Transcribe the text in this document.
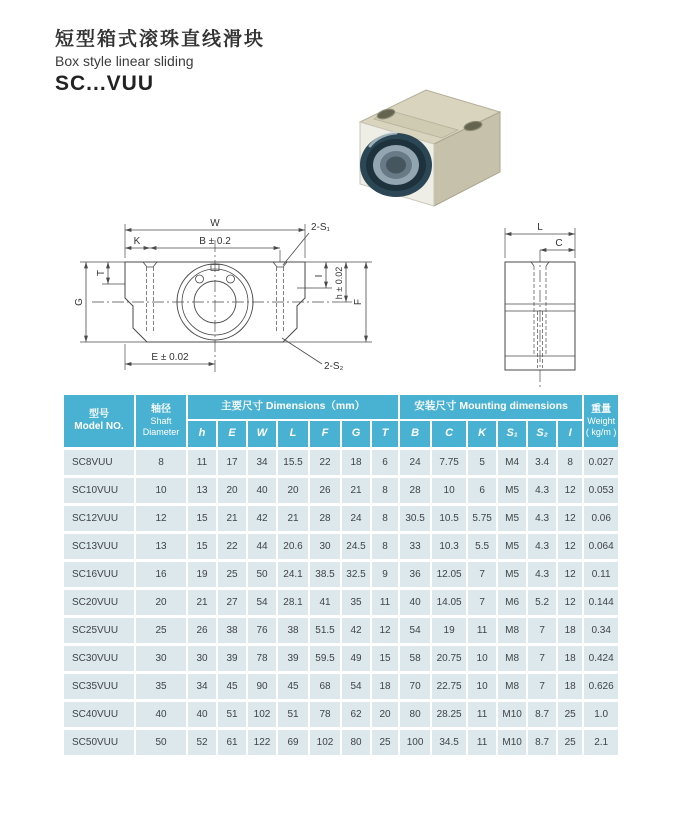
短型箱式滚珠直线滑块
Box style linear sliding
SC...VUU
W
K	B ± 0.2
2-S₁
T
G
I h ± 0.02
F
E ± 0.02
2-S₂
L
C
型号
Model NO.

轴径
Shaft
Diameter
	主要尺寸 Dimensions（mm）	安装尺寸 Mounting dimensions	重量
Weight
( kg/m )

		h	E	W	L	F	G	T	B	C	K	S₁	S₂	I	
SC8VUU	8	11	17	34	15.5	22	18	6	24	7.75	5	M4	3.4	8	0.027
SC10VUU	10	13	20	40	20	26	21	8	28	10	6	M5	4.3	12	0.053
SC12VUU	12	15	21	42	21	28	24	8	30.5	10.5	5.75	M5	4.3	12	0.06
SC13VUU	13	15	22	44	20.6	30	24.5	8	33	10.3	5.5	M5	4.3	12	0.064
SC16VUU	16	19	25	50	24.1	38.5	32.5	9	36	12.05	7	M5	4.3	12	0.11
SC20VUU	20	21	27	54	28.1	41	35	11	40	14.05	7	M6	5.2	12	0.144
SC25VUU	25	26	38	76	38	51.5	42	12	54	19	11	M8	7	18	0.34
SC30VUU	30	30	39	78	39	59.5	49	15	58	20.75	10	M8	7	18	0.424
SC35VUU	35	34	45	90	45	68	54	18	70	22.75	10	M8	7	18	0.626
SC40VUU	40	40	51	102	51	78	62	20	80	28.25	11	M10	8.7	25	1.0
SC50VUU	50	52	61	122	69	102	80	25	100	34.5	11	M10	8.7	25	2.1
